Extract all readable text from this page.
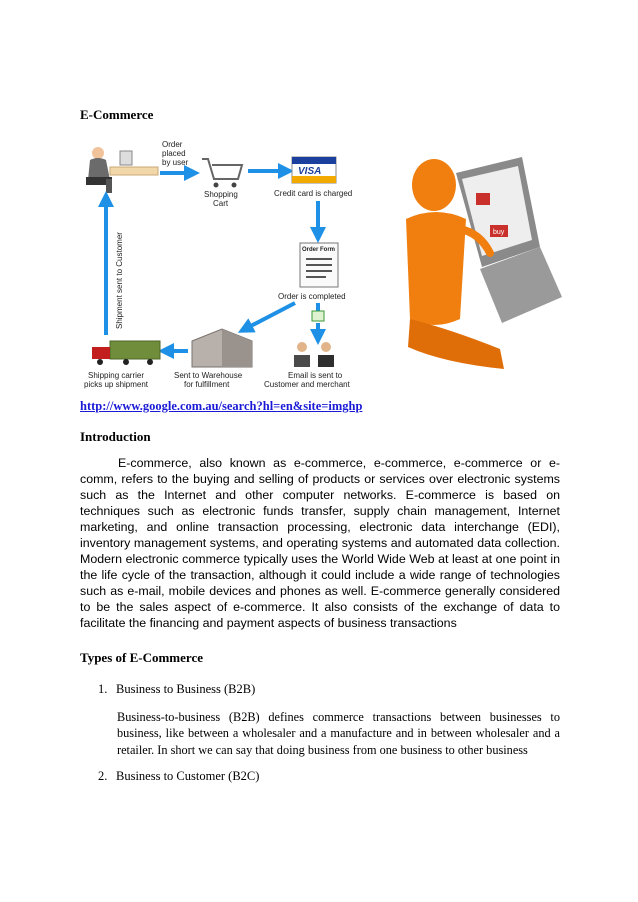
E-Commerce
Order
placed
by user
Shopping
Cart
VISA
Credit card is charged
Order Form
Order is completed
Email is sent to
Customer and merchant
Sent to Warehouse
for fulfillment
Shipping carrier
picks up shipment
Shipment sent to Customer	buy
http://www.google.com.au/search?hl=en&site=imghp
Introduction

E-commerce, also known as e-commerce, e-commerce, e-commerce or e-comm, refers to the buying and selling of products or services over electronic systems such as the Internet and other computer networks. E-commerce is based on techniques such as electronic funds transfer, supply chain management, Internet marketing, and online transaction processing, electronic data interchange (EDI), inventory management systems, and operating systems and automated data collection. Modern electronic commerce typically uses the World Wide Web at least at one point in the life cycle of the transaction, although it could include a wide range of technologies such as e-mail, mobile devices and phones as well. E-commerce generally considered to be the sales aspect of e-commerce. It also consists of the exchange of data to facilitate the financing and payment aspects of business transactions

Types of E-Commerce
1. Business to Business (B2B)

Business-to-business (B2B) defines commerce transactions between businesses to business, like between a wholesaler and a manufacture and in between wholesaler and a retailer. In short we can say that doing business from one business to other business

2. Business to Customer (B2C)
